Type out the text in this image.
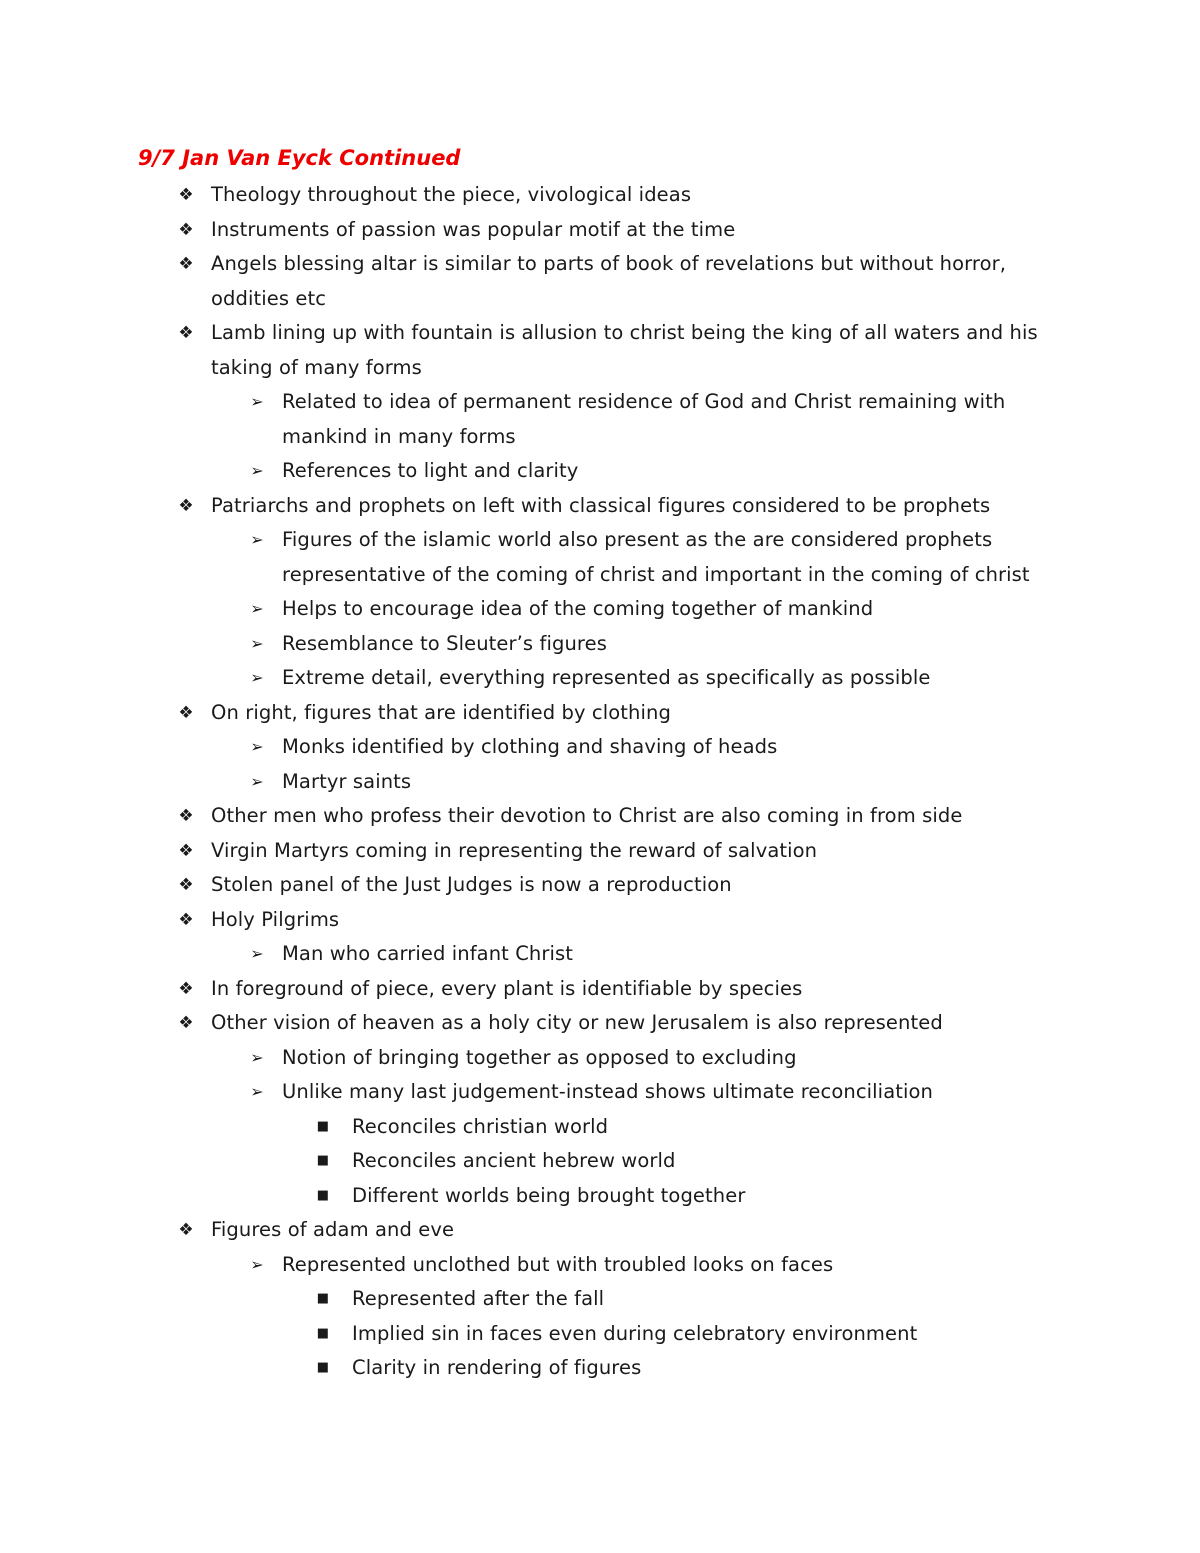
9/7 Jan Van Eyck Continued
❖ Theology throughout the piece, vivological ideas
❖ Instruments of passion was popular motif at the time
❖ Angels blessing altar is similar to parts of book of revelations but without horror, oddities etc
❖ Lamb lining up with fountain is allusion to christ being the king of all waters and his taking of many forms
➢ Related to idea of permanent residence of God and Christ remaining with mankind in many forms
➢ References to light and clarity
❖ Patriarchs and prophets on left with classical figures considered to be prophets
➢ Figures of the islamic world also present as the are considered prophets representative of the coming of christ and important in the coming of christ
➢ Helps to encourage idea of the coming together of mankind
➢ Resemblance to Sleuter’s figures
➢ Extreme detail, everything represented as specifically as possible
❖ On right, figures that are identified by clothing
➢ Monks identified by clothing and shaving of heads
➢ Martyr saints
❖ Other men who profess their devotion to Christ are also coming in from side
❖ Virgin Martyrs coming in representing the reward of salvation
❖ Stolen panel of the Just Judges is now a reproduction
❖ Holy Pilgrims
➢ Man who carried infant Christ
❖ In foreground of piece, every plant is identifiable by species
❖ Other vision of heaven as a holy city or new Jerusalem is also represented
➢ Notion of bringing together as opposed to excluding
➢ Unlike many last judgement-instead shows ultimate reconciliation
■ Reconciles christian world
■ Reconciles ancient hebrew world
■ Different worlds being brought together
❖ Figures of adam and eve
➢ Represented unclothed but with troubled looks on faces
■ Represented after the fall
■ Implied sin in faces even during celebratory environment
■ Clarity in rendering of figures
